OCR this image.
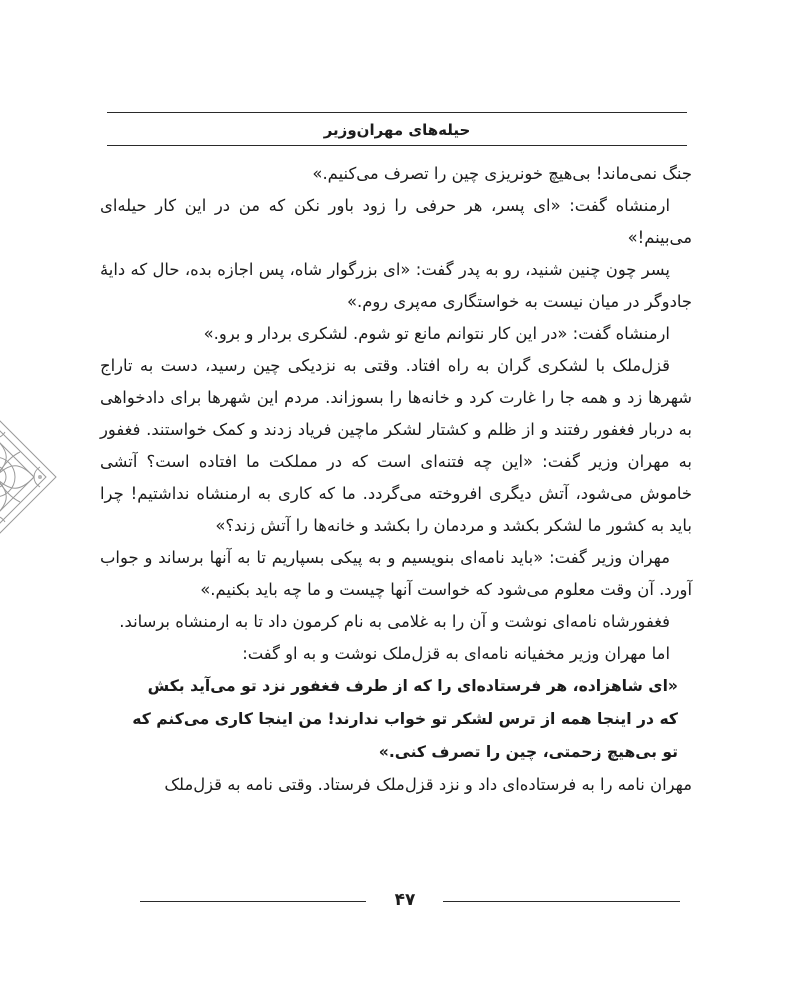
حیله‌های مهران‌وزیر

جنگ نمی‌ماند! بی‌هیچ خونریزی چین را تصرف می‌کنیم.»

ارمنشاه گفت: «ای پسر، هر حرفی را زود باور نکن که من در این کار حیله‌ای می‌بینم!»

پسر چون چنین شنید، رو به پدر گفت: «ای بزرگوار شاه، پس اجازه بده، حال که دایهٔ جادوگر در میان نیست به خواستگاری مه‌پری روم.»

ارمنشاه گفت: «در این کار نتوانم مانع تو شوم. لشکری بردار و برو.»

قزل‌ملک با لشکری گران به راه افتاد. وقتی به نزدیکی چین رسید، دست به تاراج شهرها زد و همه جا را غارت کرد و خانه‌ها را بسوزاند. مردم این شهرها برای دادخواهی به دربار فغفور رفتند و از ظلم و کشتار لشکر ماچین فریاد زدند و کمک خواستند. فغفور به مهران وزیر گفت: «این چه فتنه‌ای است که در مملکت ما افتاده است؟ آتشی خاموش می‌شود، آتش دیگری افروخته می‌گردد. ما که کاری به ارمنشاه نداشتیم! چرا باید به کشور ما لشکر بکشد و مردمان را بکشد و خانه‌ها را آتش زند؟»

مهران وزیر گفت: «باید نامه‌ای بنویسیم و به پیکی بسپاریم تا به آنها برساند و جواب آورد. آن وقت معلوم می‌شود که خواست آنها چیست و ما چه باید بکنیم.»

فغفورشاه نامه‌ای نوشت و آن را به غلامی به نام کرمون داد تا به ارمنشاه برساند.

اما مهران وزیر مخفیانه نامه‌ای به قزل‌ملک نوشت و به او گفت:

«ای شاهزاده، هر فرستاده‌ای را که از طرف فغفور نزد تو می‌آید بکش

که در اینجا همه از ترس لشکر تو خواب ندارند! من اینجا کاری می‌کنم که

تو بی‌هیچ زحمتی، چین را تصرف کنی.»

مهران نامه را به فرستاده‌ای داد و نزد قزل‌ملک فرستاد. وقتی نامه به قزل‌ملک

۴۷
